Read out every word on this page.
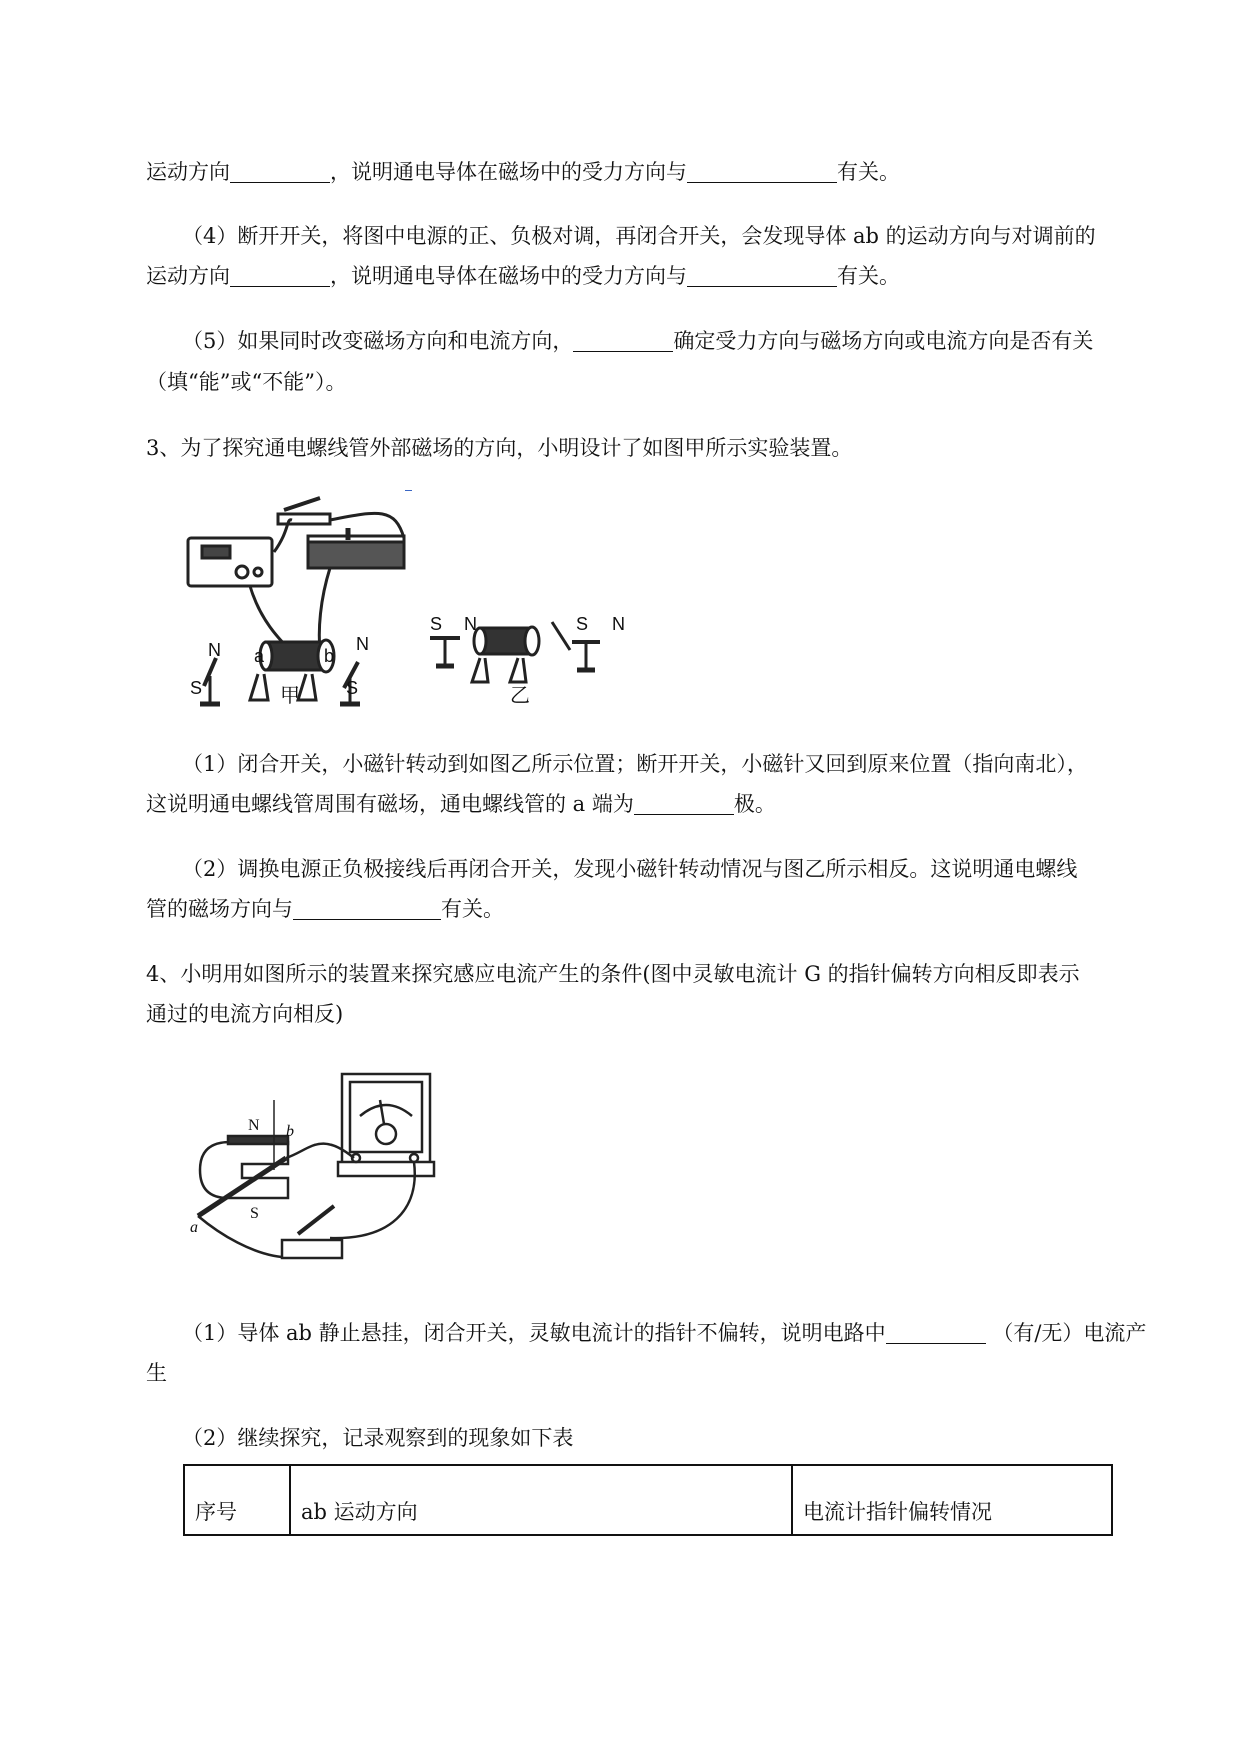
运动方向	，说明通电导体在磁场中的受力方向与	有关。
（4）断开开关，将图中电源的正、负极对调，再闭合开关，会发现导体 ab 的运动方向与对调前的
运动方向	，说明通电导体在磁场中的受力方向与	有关。
（5）如果同时改变磁场方向和电流方向，	确定受力方向与磁场方向或电流方向是否有关
（填“能”或“不能”）。
3、为了探究通电螺线管外部磁场的方向，小明设计了如图甲所示实验装置。
N
S
a	b
N
S
S N	S N
甲	乙
（1）闭合开关，小磁针转动到如图乙所示位置；断开开关，小磁针又回到原来位置（指向南北），
这说明通电螺线管周围有磁场，通电螺线管的 a 端为	极。
（2）调换电源正负极接线后再闭合开关，发现小磁针转动情况与图乙所示相反。这说明通电螺线
管的磁场方向与	有关。
4、小明用如图所示的装置来探究感应电流产生的条件(图中灵敏电流计 G 的指针偏转方向相反即表示
通过的电流方向相反)
N
S
a
b
（1）导体 ab 静止悬挂，闭合开关，灵敏电流计的指针不偏转，说明电路中	（有/无）电流产
生
（2）继续探究，记录观察到的现象如下表
序号	ab 运动方向	电流计指针偏转情况
